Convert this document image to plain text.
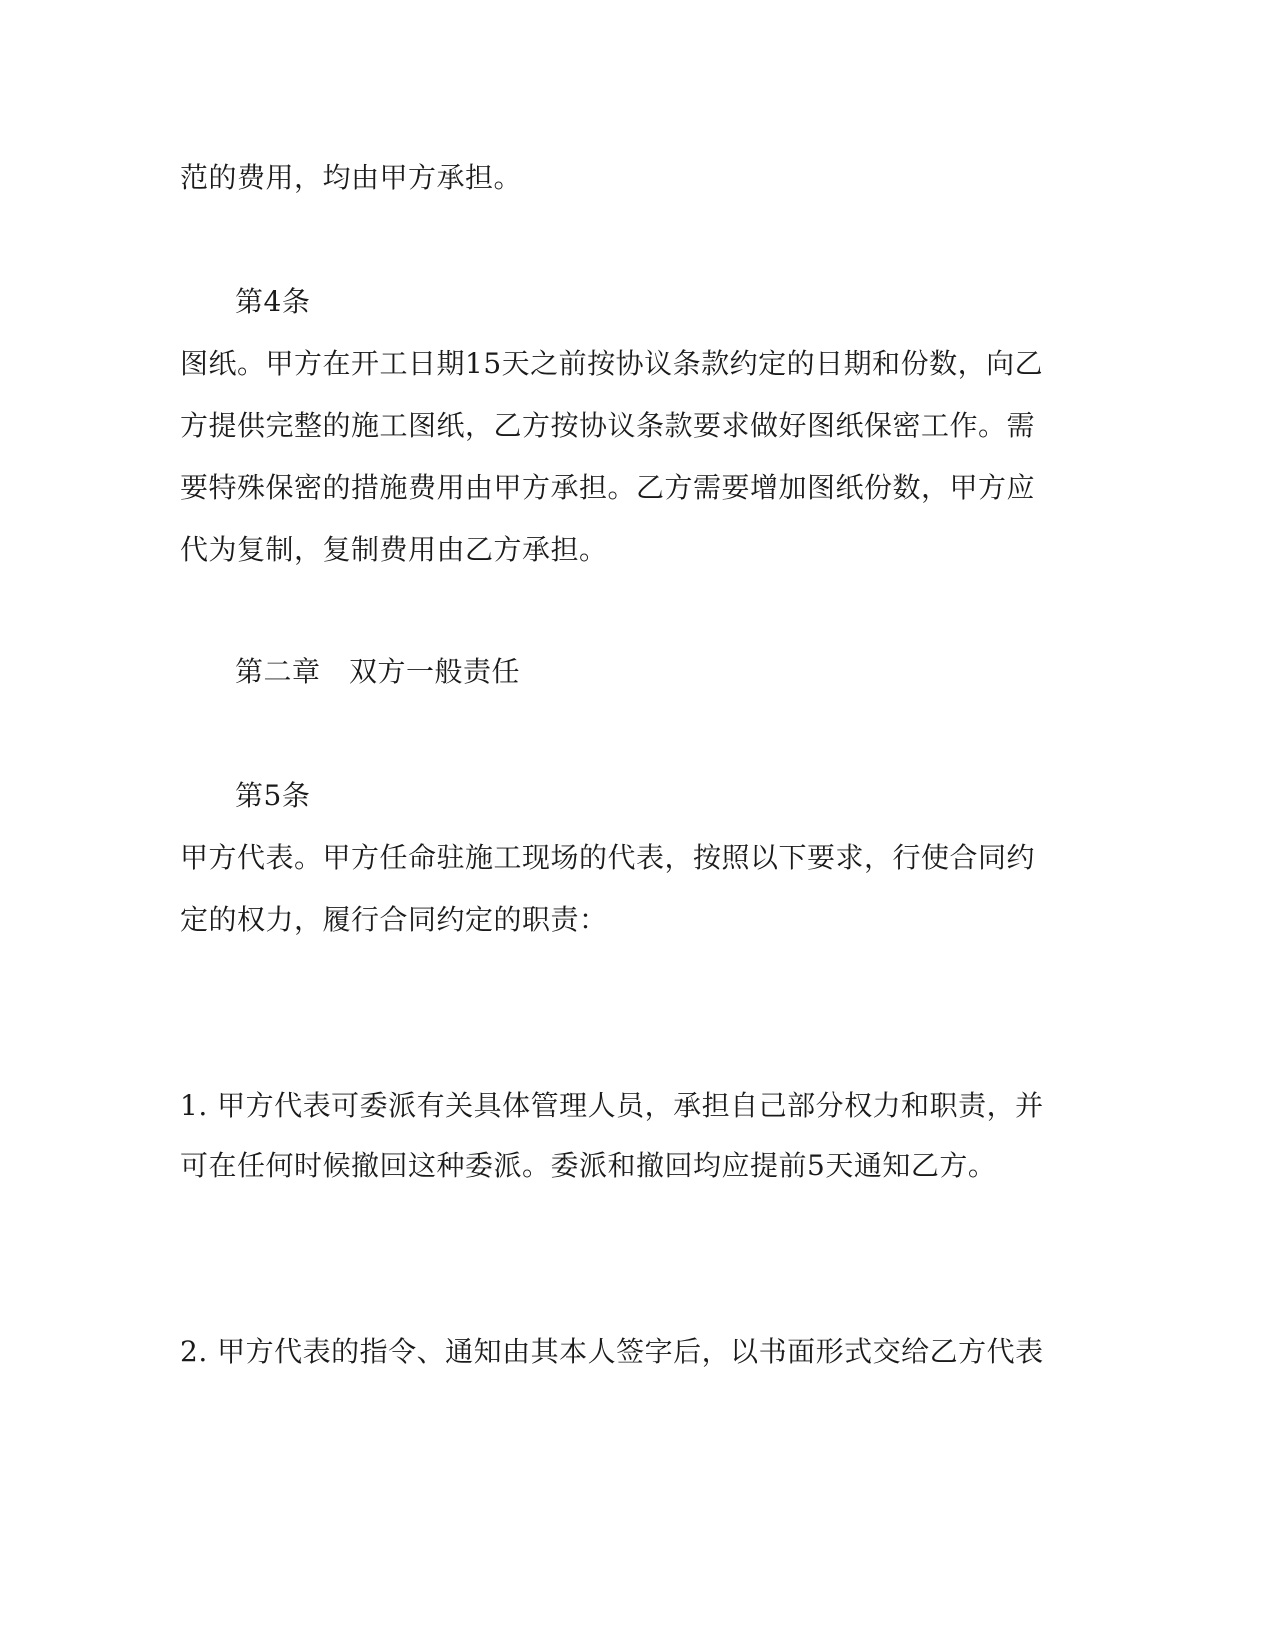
范的费用，均由甲方承担。
第4条
图纸。甲方在开工日期15天之前按协议条款约定的日期和份数，向乙
方提供完整的施工图纸，乙方按协议条款要求做好图纸保密工作。需
要特殊保密的措施费用由甲方承担。乙方需要增加图纸份数，甲方应
代为复制，复制费用由乙方承担。
第二章　双方一般责任
第5条
甲方代表。甲方任命驻施工现场的代表，按照以下要求，行使合同约
定的权力，履行合同约定的职责：
1. 甲方代表可委派有关具体管理人员，承担自己部分权力和职责，并
可在任何时候撤回这种委派。委派和撤回均应提前5天通知乙方。
2. 甲方代表的指令、通知由其本人签字后，以书面形式交给乙方代表
